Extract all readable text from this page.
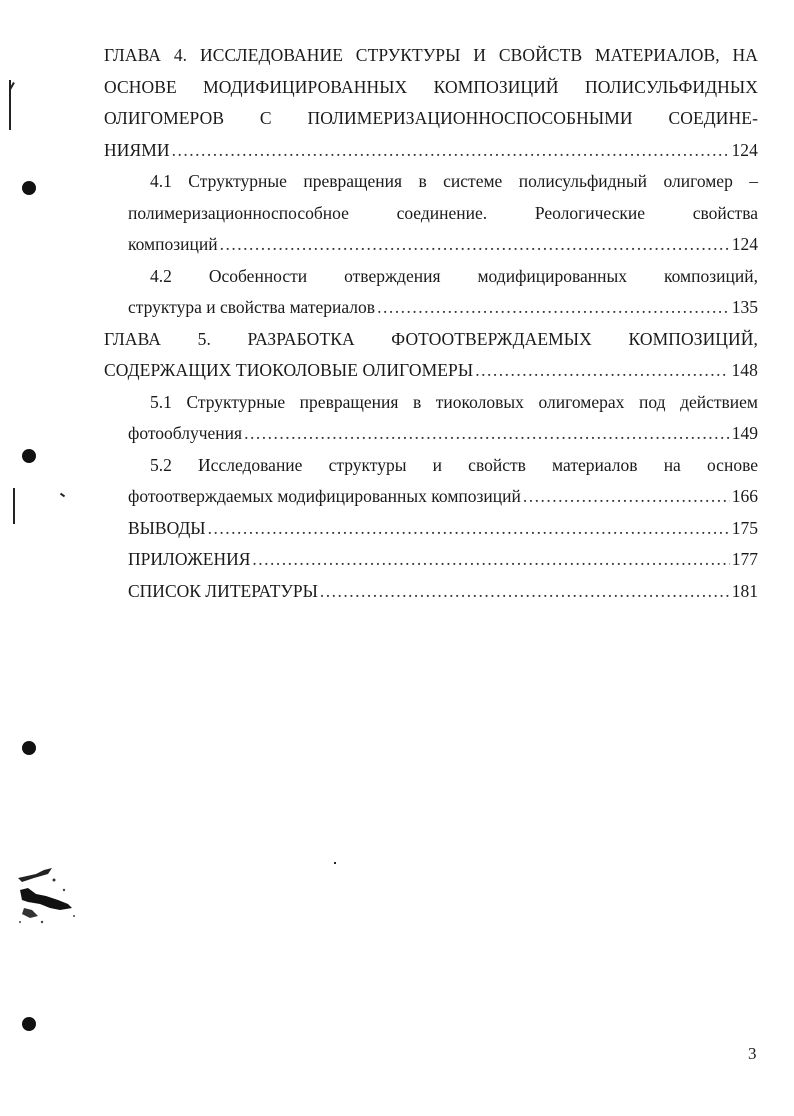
ГЛАВА 4. ИССЛЕДОВАНИЕ СТРУКТУРЫ И СВОЙСТВ МАТЕРИАЛОВ, НА
ОСНОВЕ МОДИФИЦИРОВАННЫХ КОМПОЗИЦИЙ ПОЛИСУЛЬФИДНЫХ
ОЛИГОМЕРОВ С ПОЛИМЕРИЗАЦИОННОСПОСОБНЫМИ СОЕДИНЕ-
НИЯМИ .....	124
4.1 Структурные превращения в системе полисульфидный олигомер –
полимеризационноспособное соединение. Реологические свойства
композиций .....	124
4.2 Особенности отверждения модифицированных композиций,
структура и свойства материалов .....	135
ГЛАВА 5. РАЗРАБОТКА ФОТООТВЕРЖДАЕМЫХ КОМПОЗИЦИЙ,
СОДЕРЖАЩИХ ТИОКОЛОВЫЕ ОЛИГОМЕРЫ .....	148
5.1 Структурные превращения в тиоколовых олигомерах под действием
фотооблучения .....	149
5.2 Исследование структуры и свойств материалов на основе
фотоотверждаемых модифицированных композиций .....	166
ВЫВОДЫ .....	175
ПРИЛОЖЕНИЯ .....	177
СПИСОК ЛИТЕРАТУРЫ .....	181
3
